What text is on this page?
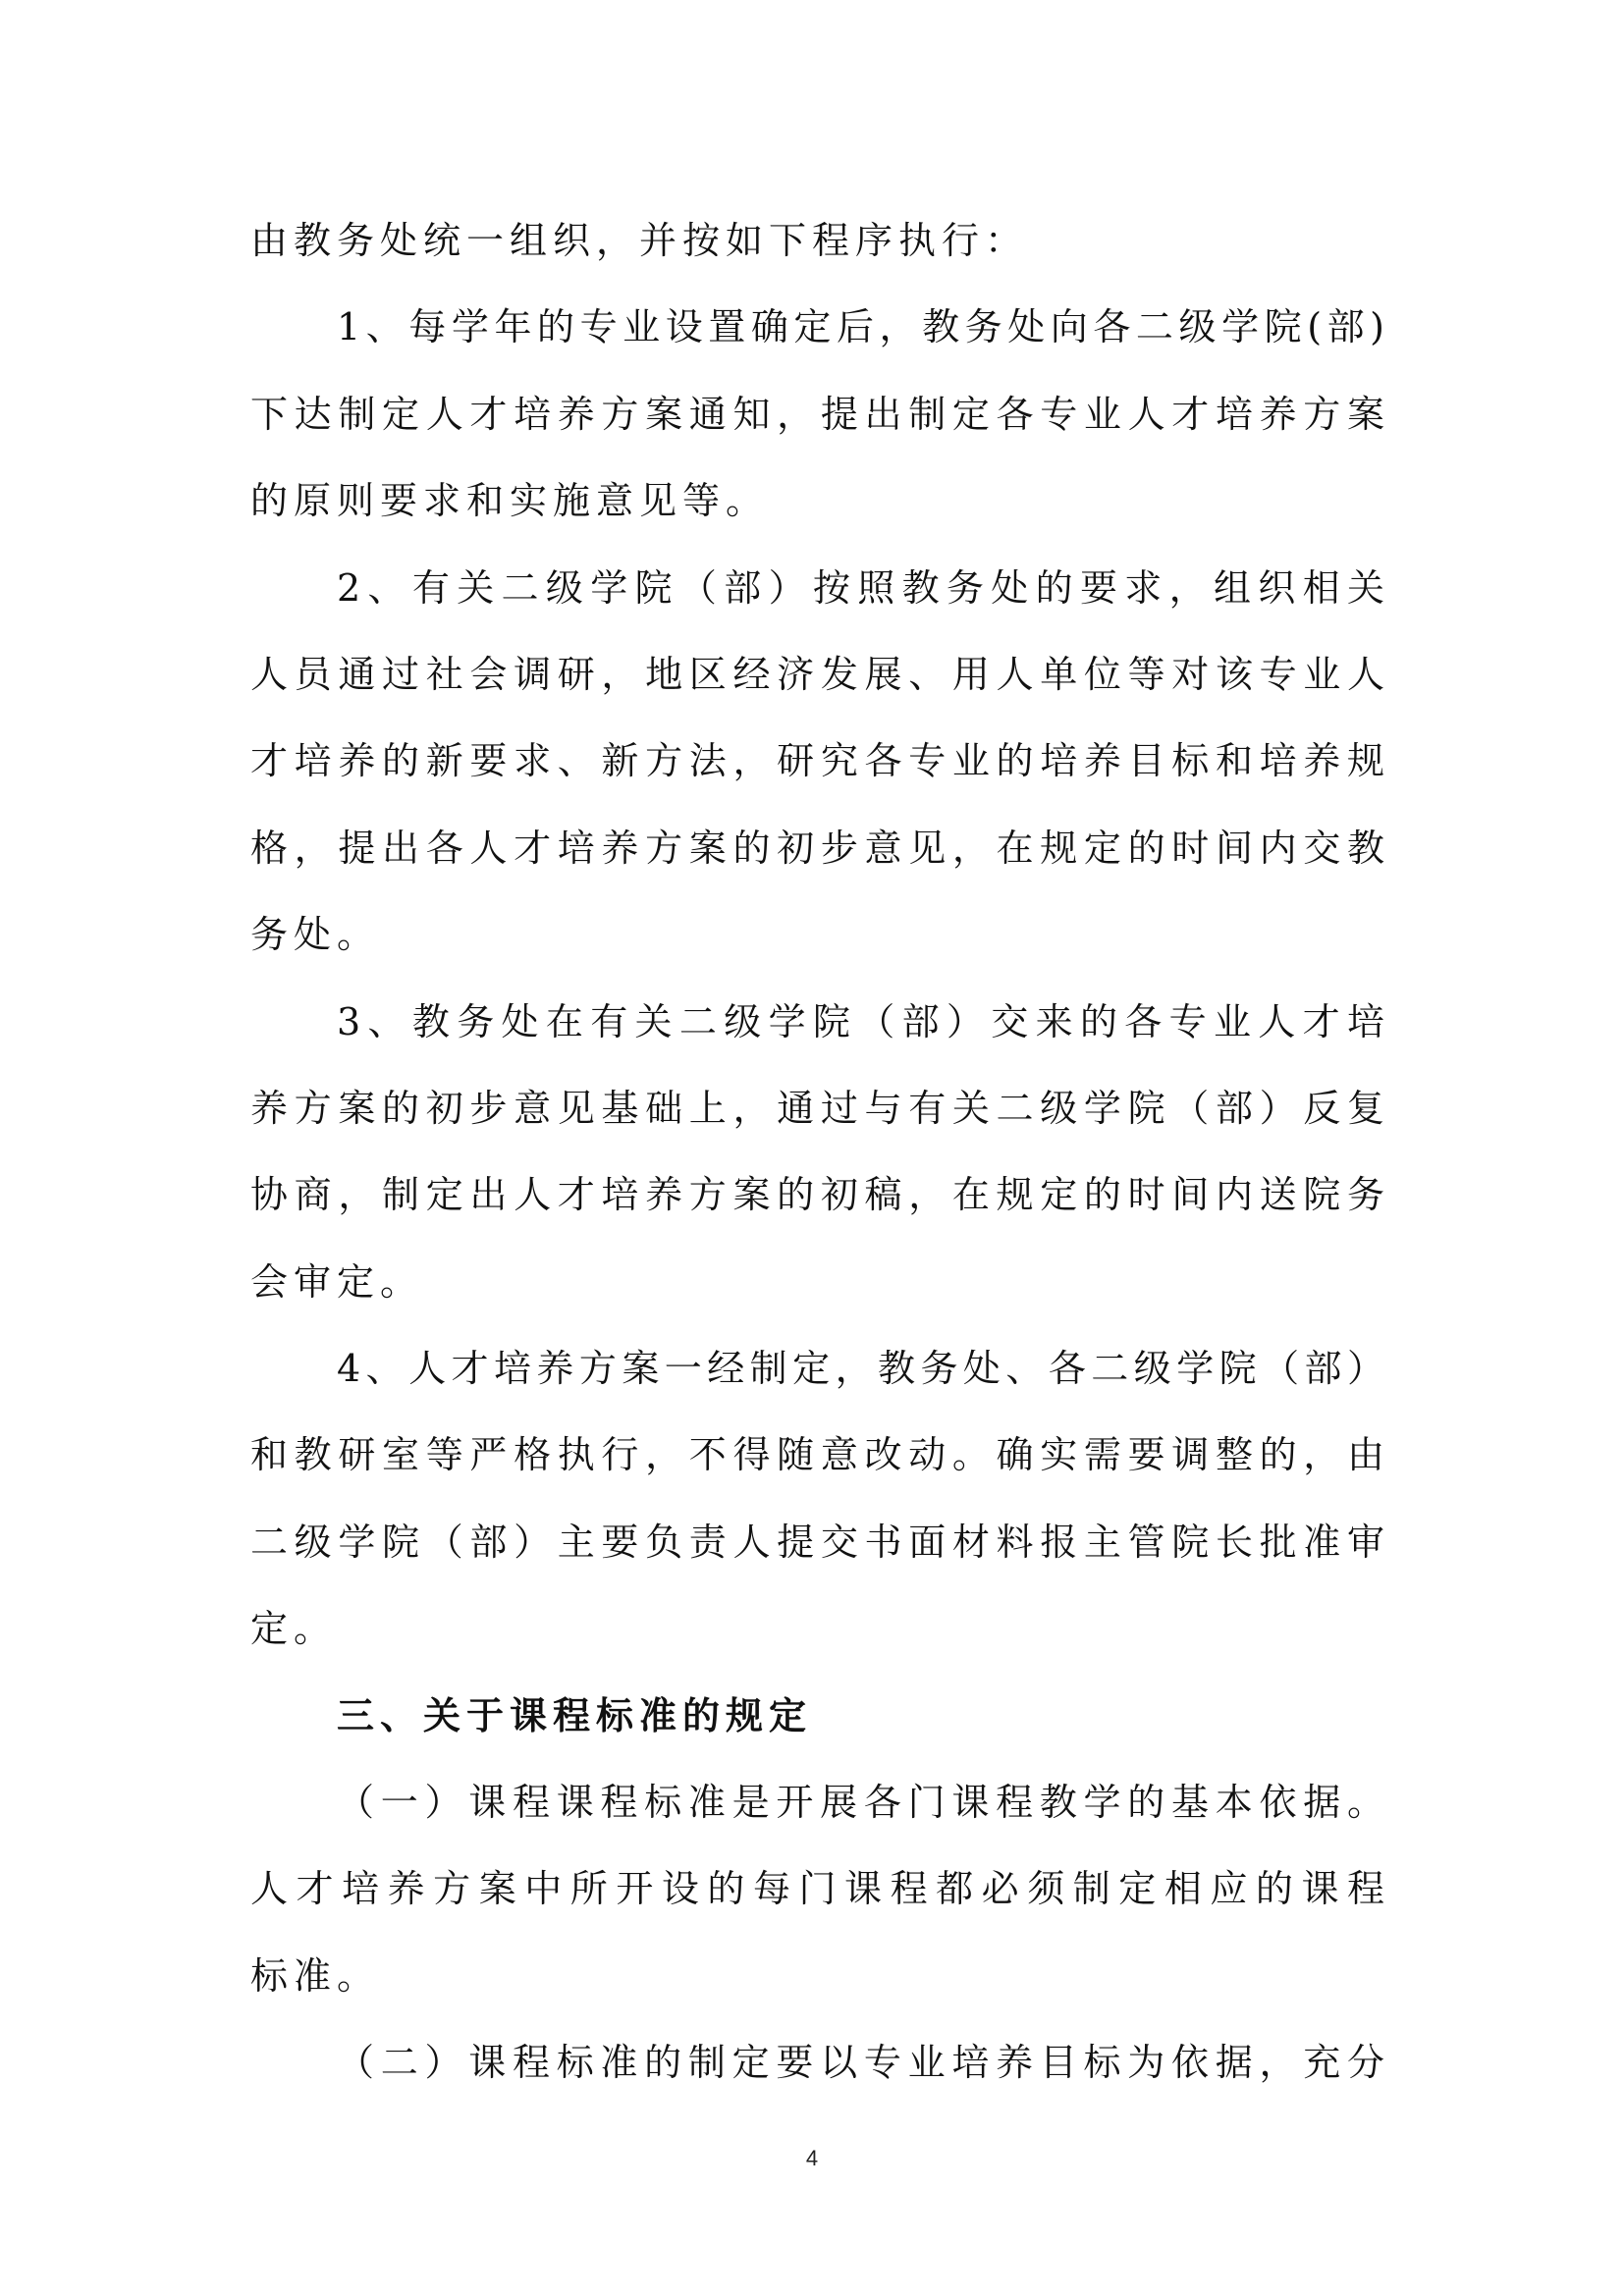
由教务处统一组织，并按如下程序执行：
1、每学年的专业设置确定后，教务处向各二级学院(部)
下达制定人才培养方案通知，提出制定各专业人才培养方案
的原则要求和实施意见等。
2、有关二级学院（部）按照教务处的要求，组织相关
人员通过社会调研，地区经济发展、用人单位等对该专业人
才培养的新要求、新方法，研究各专业的培养目标和培养规
格，提出各人才培养方案的初步意见，在规定的时间内交教
务处。
3、教务处在有关二级学院（部）交来的各专业人才培
养方案的初步意见基础上，通过与有关二级学院（部）反复
协商，制定出人才培养方案的初稿，在规定的时间内送院务
会审定。
4、人才培养方案一经制定，教务处、各二级学院（部）
和教研室等严格执行，不得随意改动。确实需要调整的，由
二级学院（部）主要负责人提交书面材料报主管院长批准审
定。
三、关于课程标准的规定
（一）课程课程标准是开展各门课程教学的基本依据。
人才培养方案中所开设的每门课程都必须制定相应的课程
标准。
（二）课程标准的制定要以专业培养目标为依据，充分
4
